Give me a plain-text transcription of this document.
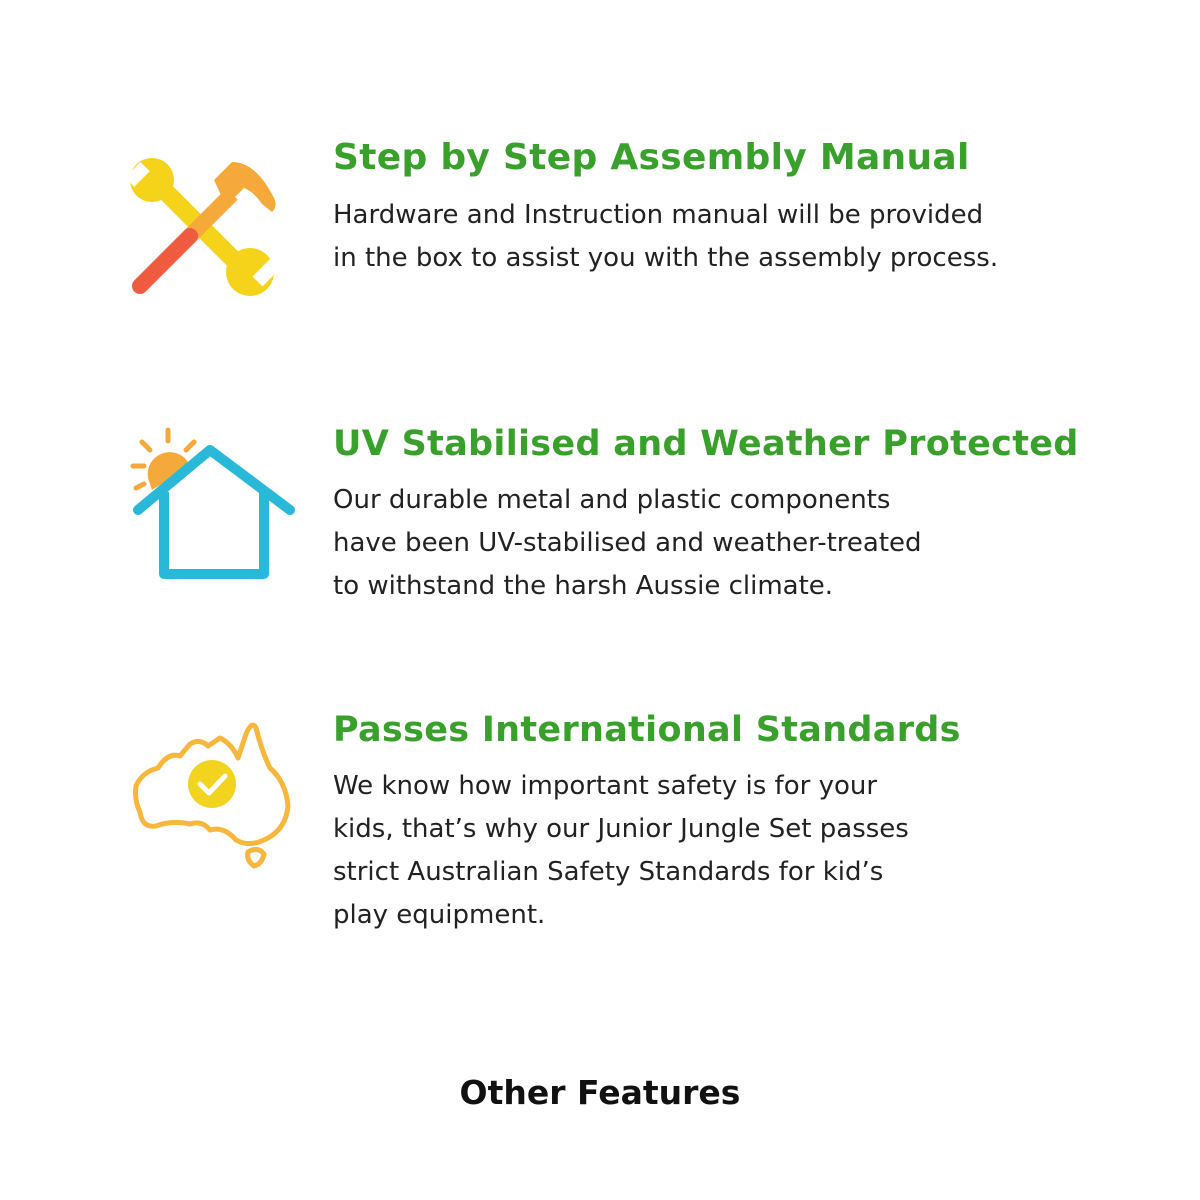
Step by Step Assembly Manual

Hardware and Instruction manual will be provided
in the box to assist you with the assembly process.

UV Stabilised and Weather Protected

Our durable metal and plastic components
have been UV-stabilised and weather-treated
to withstand the harsh Aussie climate.

Passes International Standards

We know how important safety is for your
kids, that’s why our Junior Jungle Set passes
strict Australian Safety Standards for kid’s
play equipment.

Other Features
